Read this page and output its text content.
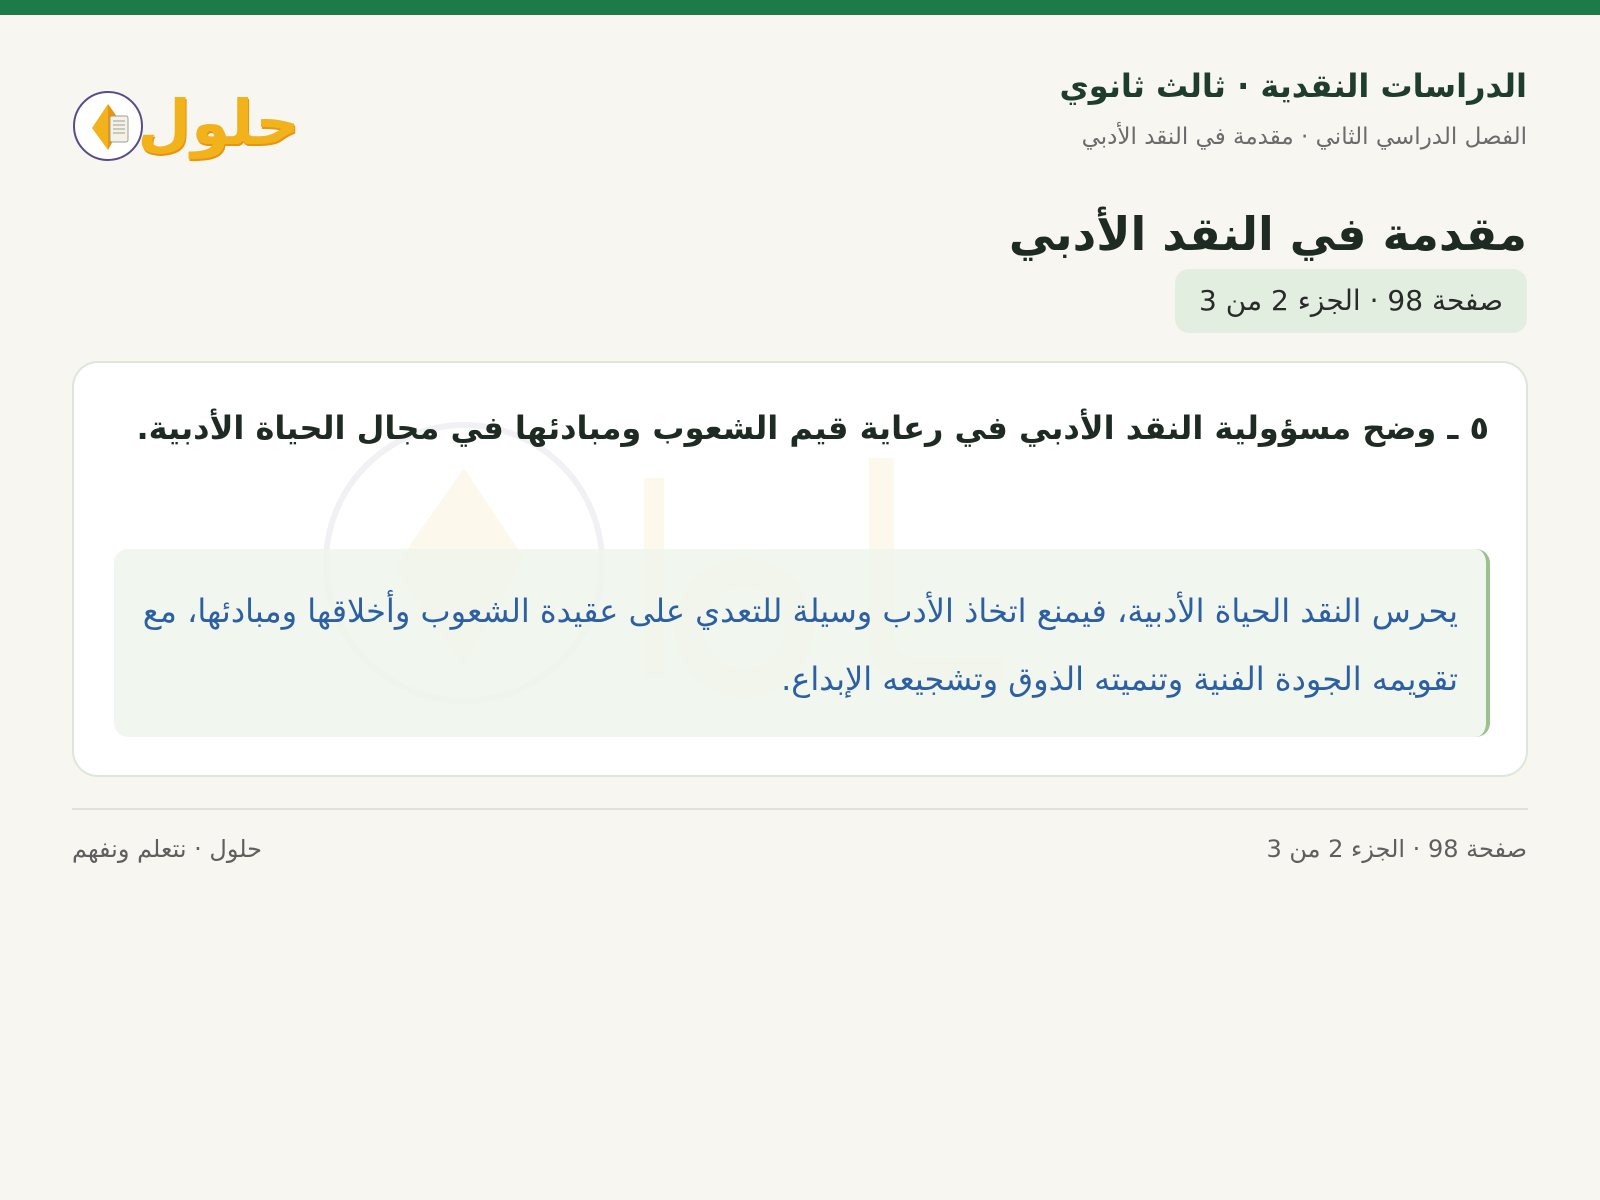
الدراسات النقدية · ثالث ثانوي
الفصل الدراسي الثاني · مقدمة في النقد الأدبي
حلول
مقدمة في النقد الأدبي
صفحة 98 · الجزء 2 من 3
٥ ـ وضح مسؤولية النقد الأدبي في رعاية قيم الشعوب ومبادئها في مجال الحياة الأدبية.
يحرس النقد الحياة الأدبية، فيمنع اتخاذ الأدب وسيلة للتعدي على عقيدة الشعوب وأخلاقها ومبادئها، مع تقويمه الجودة الفنية وتنميته الذوق وتشجيعه الإبداع.
صفحة 98 · الجزء 2 من 3
حلول · نتعلم ونفهم
